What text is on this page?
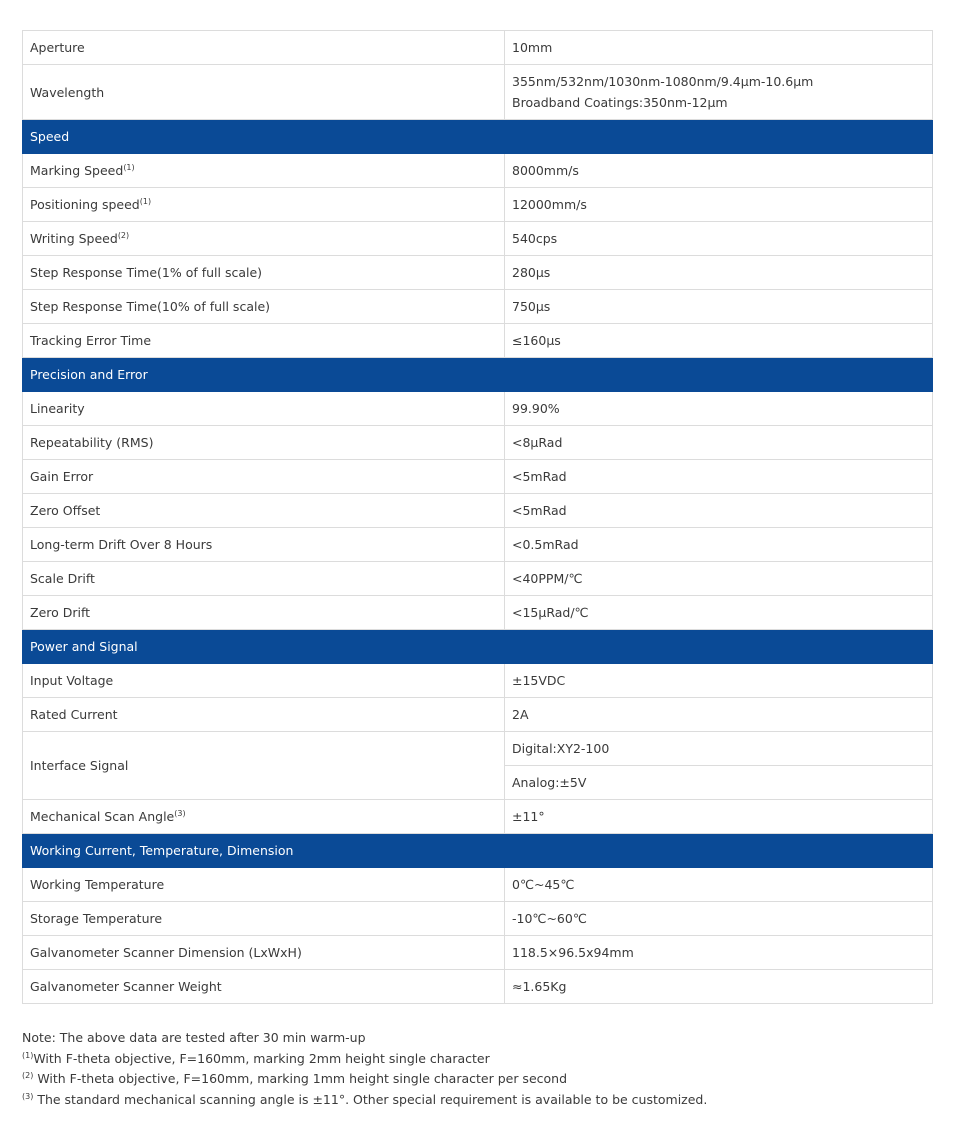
Aperture	10mm
Wavelength	355nm/532nm/1030nm-1080nm/9.4µm-10.6µm
Broadband Coatings:350nm-12µm

Speed	
Marking Speed$^{(1)}$	8000mm/s
Positioning speed$^{(1)}$	12000mm/s
Writing Speed$^{(2)}$	540cps
Step Response Time(1% of full scale)	280μs
Step Response Time(10% of full scale)	750μs
Tracking Error Time	≤160μs
Precision and Error	
Linearity	99.90%
Repeatability (RMS)	<8μRad
Gain Error	<5mRad
Zero Offset	<5mRad
Long-term Drift Over 8 Hours	<0.5mRad
Scale Drift	<40PPM/℃
Zero Drift	<15μRad/℃
Power and Signal	
Input Voltage	±15VDC
Rated Current	2A
Interface Signal	Digital:XY2-100
	Analog:±5V
Mechanical Scan Angle$^{(3)}$	±11°
Working Current, Temperature, Dimension	
Working Temperature	0℃~45℃
Storage Temperature	-10℃~60℃
Galvanometer Scanner Dimension (LxWxH)	118.5×96.5x94mm
Galvanometer Scanner Weight	≈1.65Kg
Note: The above data are tested after 30 min warm-up
$^{(1)}$With F-theta objective, F=160mm, marking 2mm height single character
$^{(2)}$ With F-theta objective, F=160mm, marking 1mm height single character per second
$^{(3)}$ The standard mechanical scanning angle is ±11°. Other special requirement is available to be customized.
